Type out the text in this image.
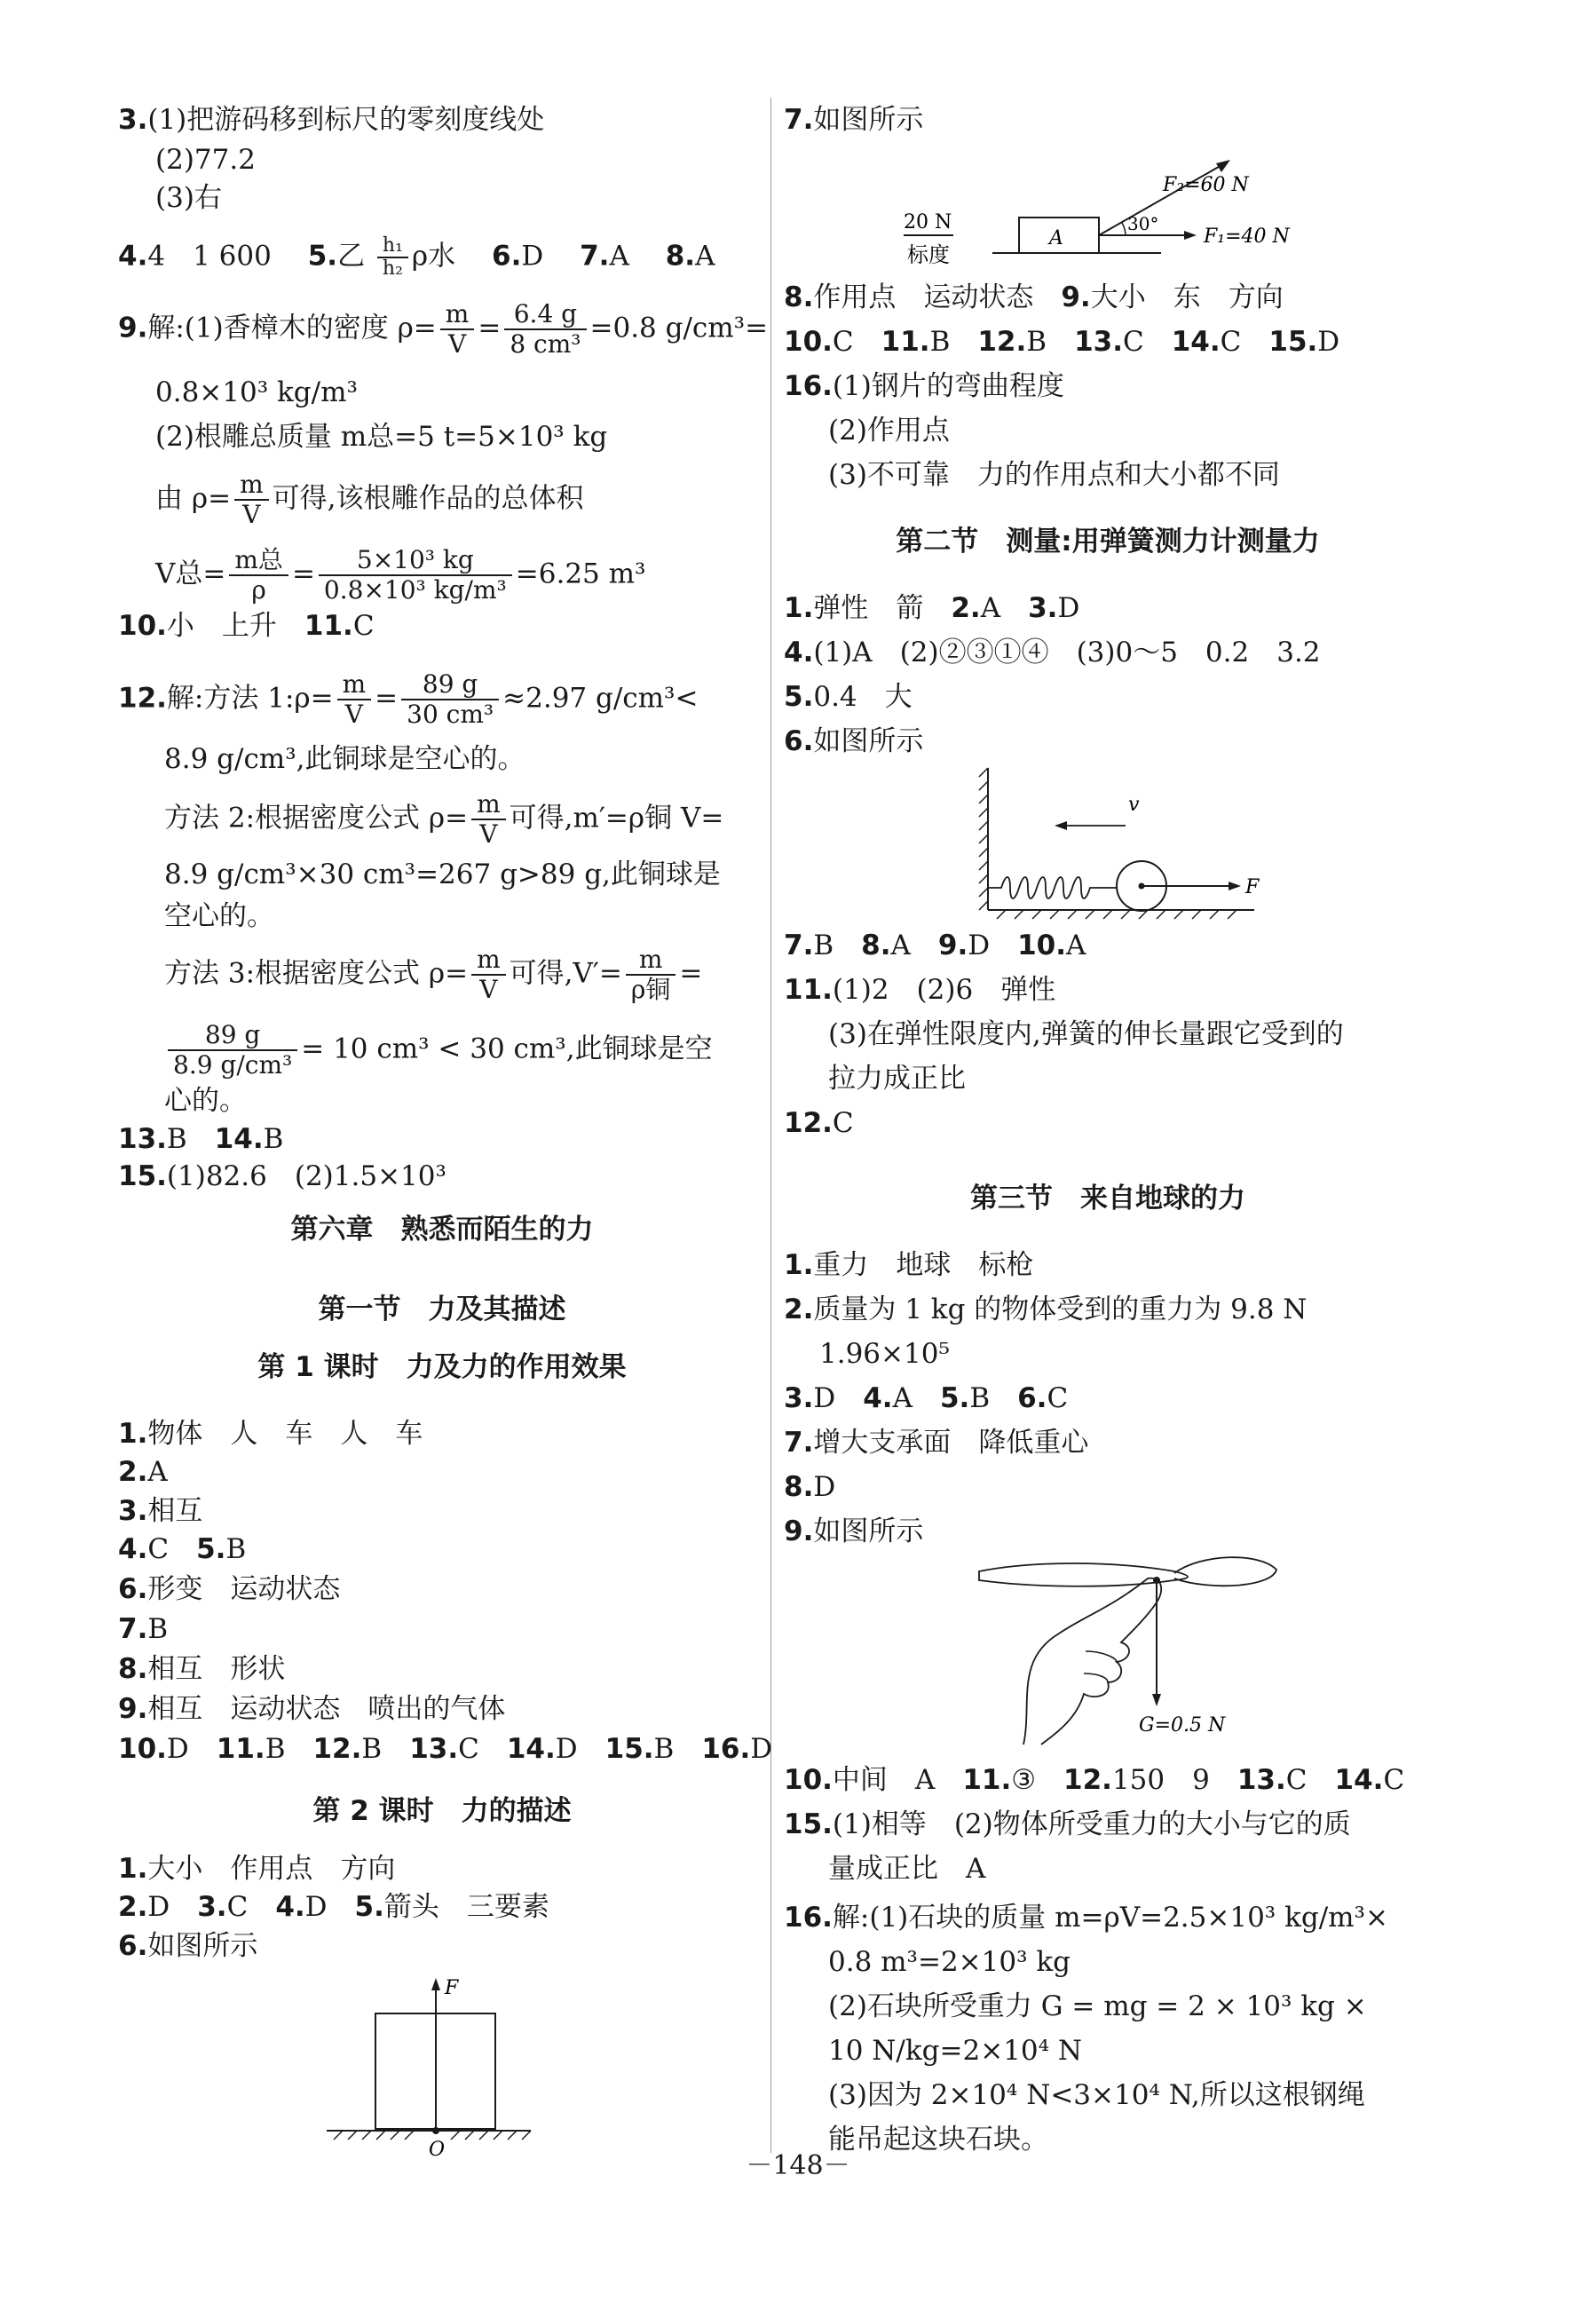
3.(1)把游码移到标尺的零刻度线处
(2)77.2
(3)右
4.4　1 600　 5.乙 $\frac{\text{h₁}}{\text{h₂}}$ ρ水　 6.D　 7.A　 8.A
9.解:(1)香樟木的密度 $\rho= \frac{m}{V} = \frac{6.4 g}{\text{8 cm³}} =0.8$ g/cm³=
0.8×10³ kg/m³
(2)根雕总质量 m总=5 t=5×10³ kg
由 $\rho= \frac{m}{V}$ 可得,该根雕作品的总体积
V总= $\frac{\text{m总}}{\rho} = \frac{\text{5×10³ kg}}{\text{0.8×10³ kg/m³}} =6.25$ m³
10.小　上升　 11.C
12.解:方法 1:ρ= $\frac{m}{V} = \frac{89 g}{\text{30 cm³}} \approx 2.97$ g/cm³<
8.9 g/cm³,此铜球是空心的。
方法 2:根据密度公式 $\rho= \frac{m}{V}$ 可得,m′=ρ铜 V=
8.9 g/cm³×30 cm³=267 g>89 g,此铜球是
空心的。
方法 3:根据密度公式 $\rho= \frac{m}{V}$ 可得$,V'= \frac{m}{\text{ρ铜}}$ =
$\frac{89 g}{\text{8.9 g/cm³}} = 10$ cm³ < 30 cm³,此铜球是空
心的。
13.B　 14.B
15.(1)82.6　(2)1.5×10³
第六章　熟悉而陌生的力
第一节　力及其描述
第 1 课时　力及力的作用效果
1.物体　人　车　人　车
2.A
3.相互
4.C　 5.B
6.形变　运动状态
7.B
8.相互　形状
9.相互　运动状态　喷出的气体
10.D　 11.B　 12.B　 13.C　 14.D　 15.B　 16.D
第 2 课时　力的描述
1.大小　作用点　方向
2.D　 3.C　 4.D　 5.箭头　三要素
6.如图所示
F
O
7.如图所示
20 N
标度
A
30°
F₁=40 N
F₂=60 N
8.作用点　运动状态　 9.大小　东　方向
10.C　 11.B　 12.B　 13.C　 14.C　 15.D
16.(1)钢片的弯曲程度
(2)作用点
(3)不可靠　力的作用点和大小都不同
第二节　测量:用弹簧测力计测量力
1.弹性　箭　 2.A　 3.D
4.(1)A　(2)②③①④　(3)0～5　0.2　3.2
5.0.4　大
6.如图所示
F
v
7.B　 8.A　 9.D　 10.A
11.(1)2　(2)6　弹性
(3)在弹性限度内,弹簧的伸长量跟它受到的
拉力成正比
12.C
第三节　来自地球的力
1.重力　地球　标枪
2.质量为 1 kg 的物体受到的重力为 9.8 N
1.96×10⁵
3.D　 4.A　 5.B　 6.C
7.增大支承面　降低重心
8.D
9.如图所示
G=0.5 N
10.中间　A　 11.③　 12.150　9　 13.C　 14.C
15.(1)相等　(2)物体所受重力的大小与它的质
量成正比　A
16.解:(1)石块的质量 m=ρV=2.5×10³ kg/m³×
0.8 m³=2×10³ kg
(2)石块所受重力 G = mg = 2 × 10³ kg ×
10 N/kg=2×10⁴ N
(3)因为 2×10⁴ N<3×10⁴ N,所以这根钢绳
能吊起这块石块。
－148－
